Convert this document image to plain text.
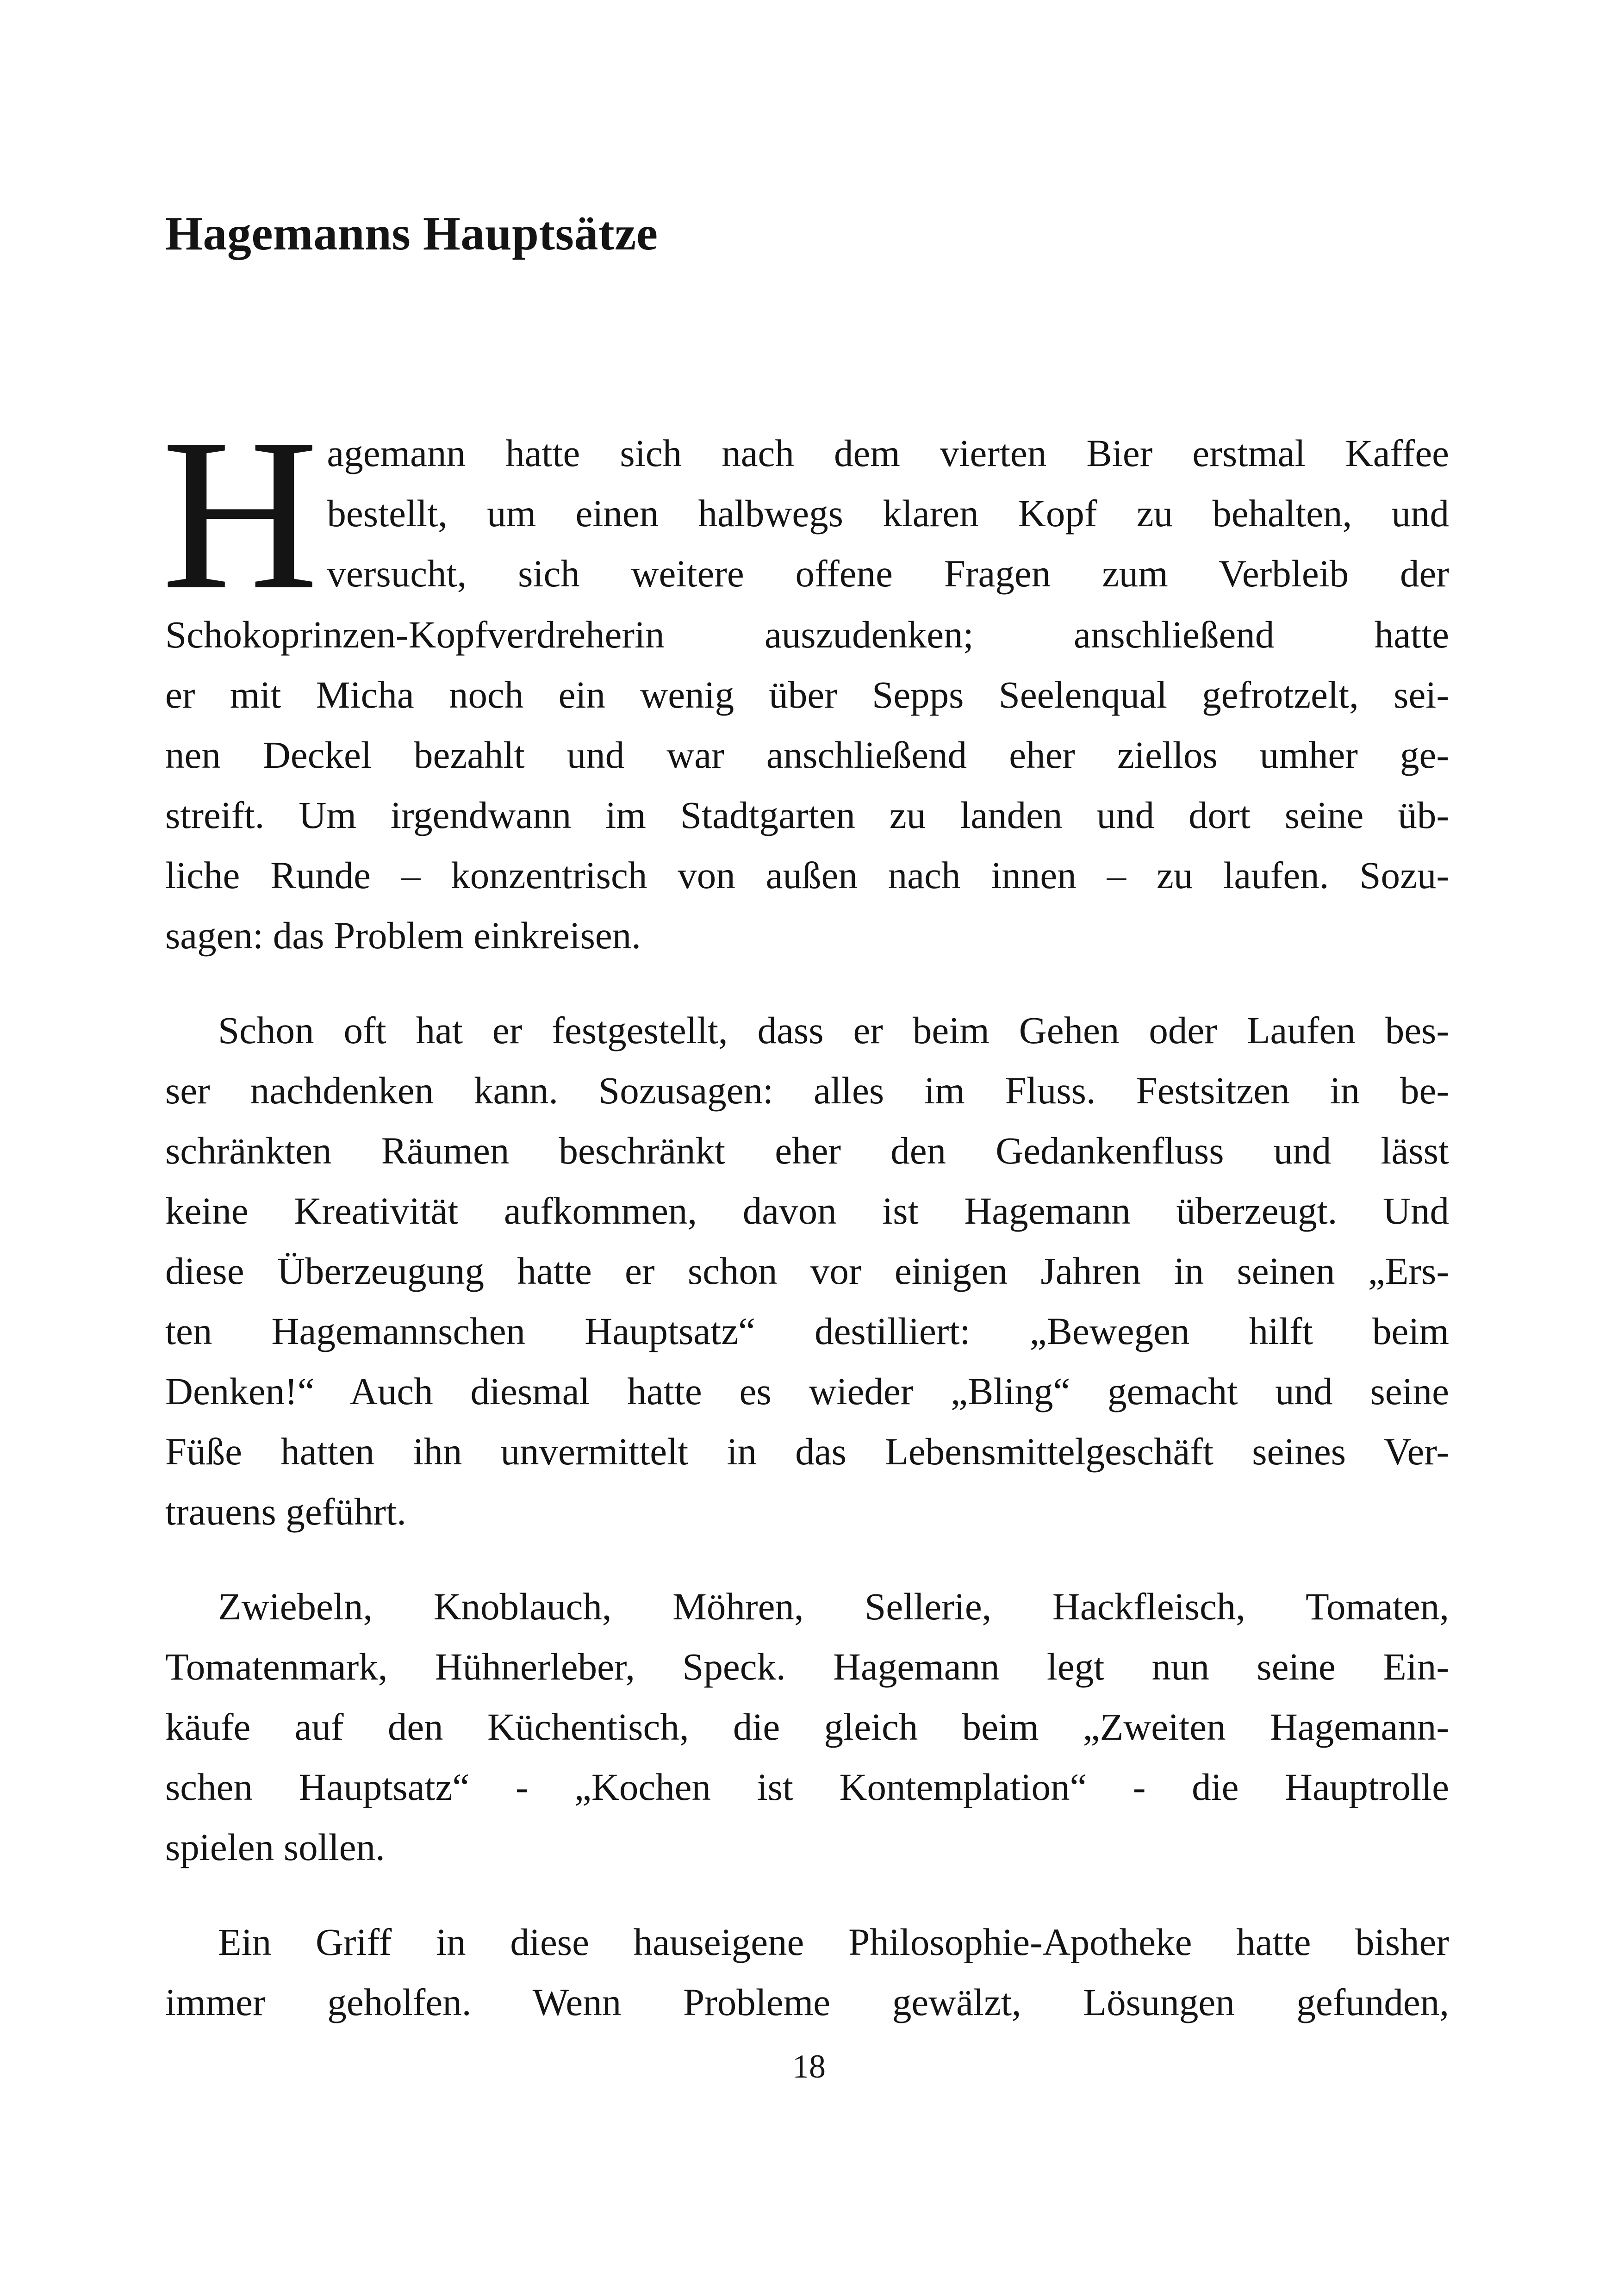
Hagemanns Hauptsätze
H agemann hatte sich nach dem vierten Bier erstmal Kaffee
bestellt, um einen halbwegs klaren Kopf zu behalten, und
versucht, sich weitere offene Fragen zum Verbleib der
Schokoprinzen-Kopfverdreherin auszudenken; anschließend hatte
er mit Micha noch ein wenig über Sepps Seelenqual gefrotzelt, sei-
nen Deckel bezahlt und war anschließend eher ziellos umher ge-
streift. Um irgendwann im Stadtgarten zu landen und dort seine üb-
liche Runde – konzentrisch von außen nach innen – zu laufen. Sozu-
sagen: das Problem einkreisen.
Schon oft hat er festgestellt, dass er beim Gehen oder Laufen bes-
ser nachdenken kann. Sozusagen: alles im Fluss. Festsitzen in be-
schränkten Räumen beschränkt eher den Gedankenfluss und lässt
keine Kreativität aufkommen, davon ist Hagemann überzeugt. Und
diese Überzeugung hatte er schon vor einigen Jahren in seinen „Ers-
ten Hagemannschen Hauptsatz“ destilliert: „Bewegen hilft beim
Denken!“ Auch diesmal hatte es wieder „Bling“ gemacht und seine
Füße hatten ihn unvermittelt in das Lebensmittelgeschäft seines Ver-
trauens geführt.
Zwiebeln, Knoblauch, Möhren, Sellerie, Hackfleisch, Tomaten,
Tomatenmark, Hühnerleber, Speck. Hagemann legt nun seine Ein-
käufe auf den Küchentisch, die gleich beim „Zweiten Hagemann-
schen Hauptsatz“ - „Kochen ist Kontemplation“ - die Hauptrolle
spielen sollen.
Ein Griff in diese hauseigene Philosophie-Apotheke hatte bisher
immer geholfen. Wenn Probleme gewälzt, Lösungen gefunden,
18
